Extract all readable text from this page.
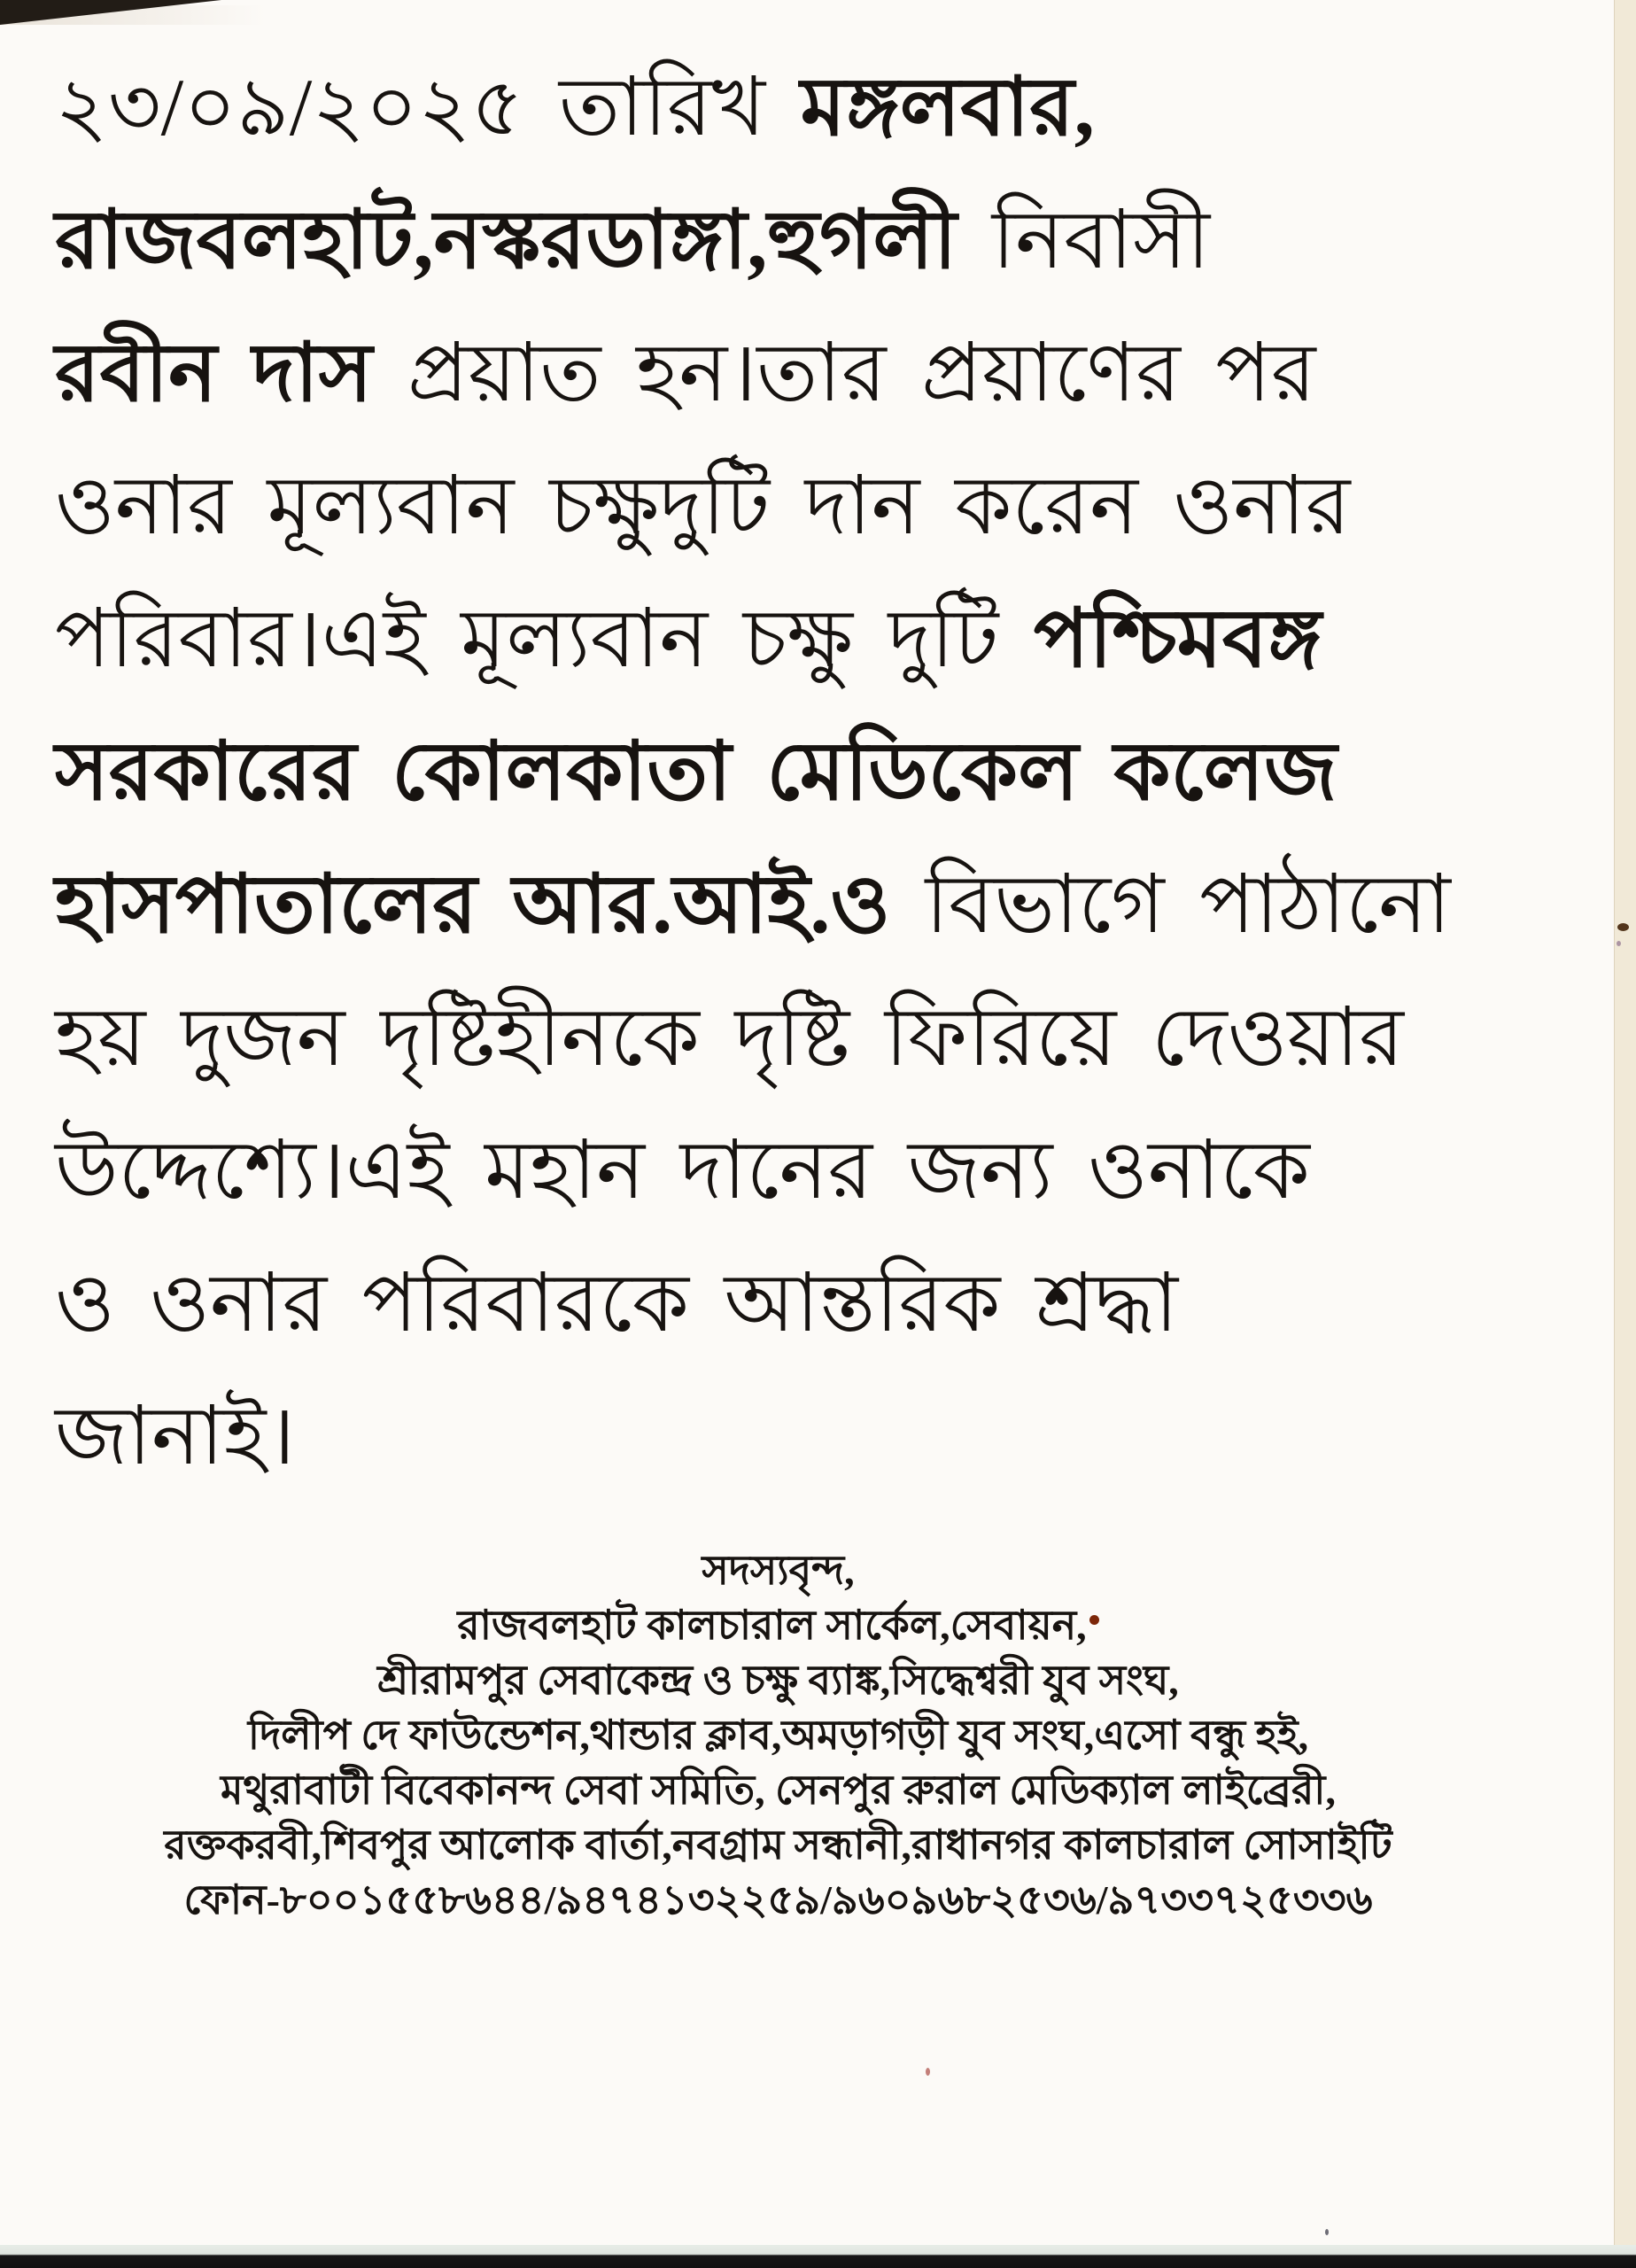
২৩/০৯/২০২৫ তারিখ মঙ্গলবার,
রাজবলহাট,নস্করডাঙ্গা,হুগলী নিবাসী
রবীন দাস প্রয়াত হন।তার প্রয়াণের পর
ওনার মূল্যবান চক্ষুদুটি দান করেন ওনার
পরিবার।এই মূল্যবান চক্ষু দুটি পশ্চিমবঙ্গ
সরকারের কোলকাতা মেডিকেল কলেজ
হাসপাতালের আর.আই.ও বিভাগে পাঠানো
হয় দুজন দৃষ্টিহীনকে দৃষ্টি ফিরিয়ে দেওয়ার
উদ্দেশ্যে।এই মহান দানের জন্য ওনাকে
ও ওনার পরিবারকে আন্তরিক শ্রদ্ধা
জানাই।
সদস্যবৃন্দ,
রাজবলহাট কালচারাল সার্কেল,সেবায়ন,
শ্রীরামপুর সেবাকেন্দ্র ও চক্ষু ব্যাঙ্ক,সিদ্ধেশ্বরী যুব সংঘ,
দিলীপ দে ফাউন্ডেশন,থান্ডার ক্লাব,অমড়াগড়ী যুব সংঘ,এসো বন্ধু হই,
মথুরাবাটী বিবেকানন্দ সেবা সমিতি, সেনপুর রুরাল মেডিক্যাল লাইব্রেরী,
রক্তকরবী,শিবপুর আলোক বার্তা,নবগ্রাম সন্ধানী,রাধানগর কালচারাল সোসাইটি
ফোন-৮০০১৫৫৮৬৪৪/৯৪৭৪১৩২২৫৯/৯৬০৯৬৮২৫৩৬/৯৭৩৩৭২৫৩৩৬
